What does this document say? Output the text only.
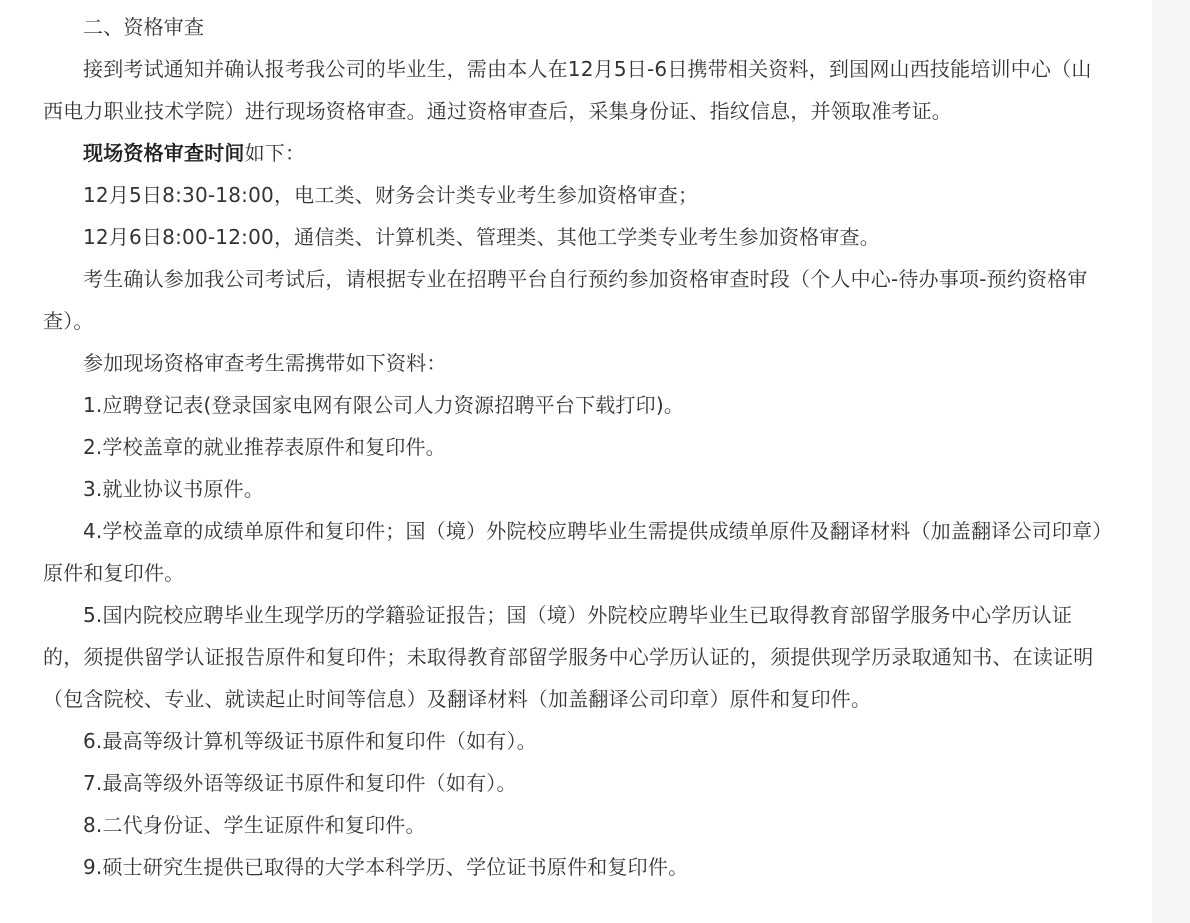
二、资格审查

接到考试通知并确认报考我公司的毕业生，需由本人在12月5日-6日携带相关资料，到国网山西技能培训中心（山西电力职业技术学院）进行现场资格审查。通过资格审查后，采集身份证、指纹信息，并领取准考证。

现场资格审查时间如下：

12月5日8:30-18:00，电工类、财务会计类专业考生参加资格审查；

12月6日8:00-12:00，通信类、计算机类、管理类、其他工学类专业考生参加资格审查。

考生确认参加我公司考试后，请根据专业在招聘平台自行预约参加资格审查时段（个人中心-待办事项-预约资格审查）。

参加现场资格审查考生需携带如下资料：

1.应聘登记表(登录国家电网有限公司人力资源招聘平台下载打印)。

2.学校盖章的就业推荐表原件和复印件。

3.就业协议书原件。

4.学校盖章的成绩单原件和复印件；国（境）外院校应聘毕业生需提供成绩单原件及翻译材料（加盖翻译公司印章）原件和复印件。

5.国内院校应聘毕业生现学历的学籍验证报告；国（境）外院校应聘毕业生已取得教育部留学服务中心学历认证的，须提供留学认证报告原件和复印件；未取得教育部留学服务中心学历认证的，须提供现学历录取通知书、在读证明（包含院校、专业、就读起止时间等信息）及翻译材料（加盖翻译公司印章）原件和复印件。

6.最高等级计算机等级证书原件和复印件（如有）。

7.最高等级外语等级证书原件和复印件（如有）。

8.二代身份证、学生证原件和复印件。

9.硕士研究生提供已取得的大学本科学历、学位证书原件和复印件。
